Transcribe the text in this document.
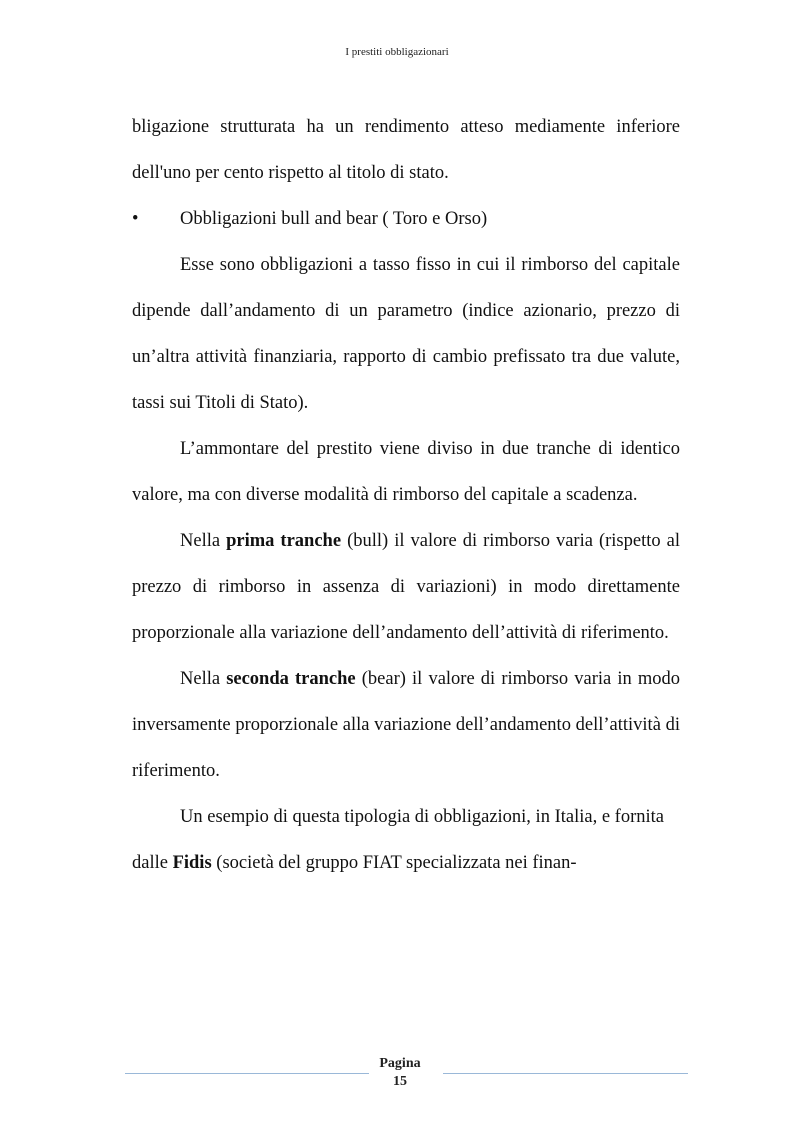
I prestiti obbligazionari

bligazione strutturata ha un rendimento atteso mediamente inferiore dell'uno per cento rispetto al titolo di stato.

• Obbligazioni bull and bear ( Toro e Orso)

Esse sono obbligazioni a tasso fisso in cui il rimborso del capitale dipende dall’andamento di un parametro (indice azionario, prezzo di un’altra attività finanziaria, rapporto di cambio prefissato tra due valute, tassi sui Titoli di Stato).

L’ammontare del prestito viene diviso in due tranche di identico valore, ma con diverse modalità di rimborso del capitale a scadenza.

Nella prima tranche (bull) il valore di rimborso varia (rispetto al prezzo di rimborso in assenza di variazioni) in modo direttamente proporzionale alla variazione dell’andamento dell’attività di riferimento.

Nella seconda tranche (bear) il valore di rimborso varia in modo inversamente proporzionale alla variazione dell’andamento dell’attività di riferimento.

Un esempio di questa tipologia di obbligazioni, in Italia, e fornita dalle Fidis (società del gruppo FIAT specializzata nei finan-

Pagina
15
